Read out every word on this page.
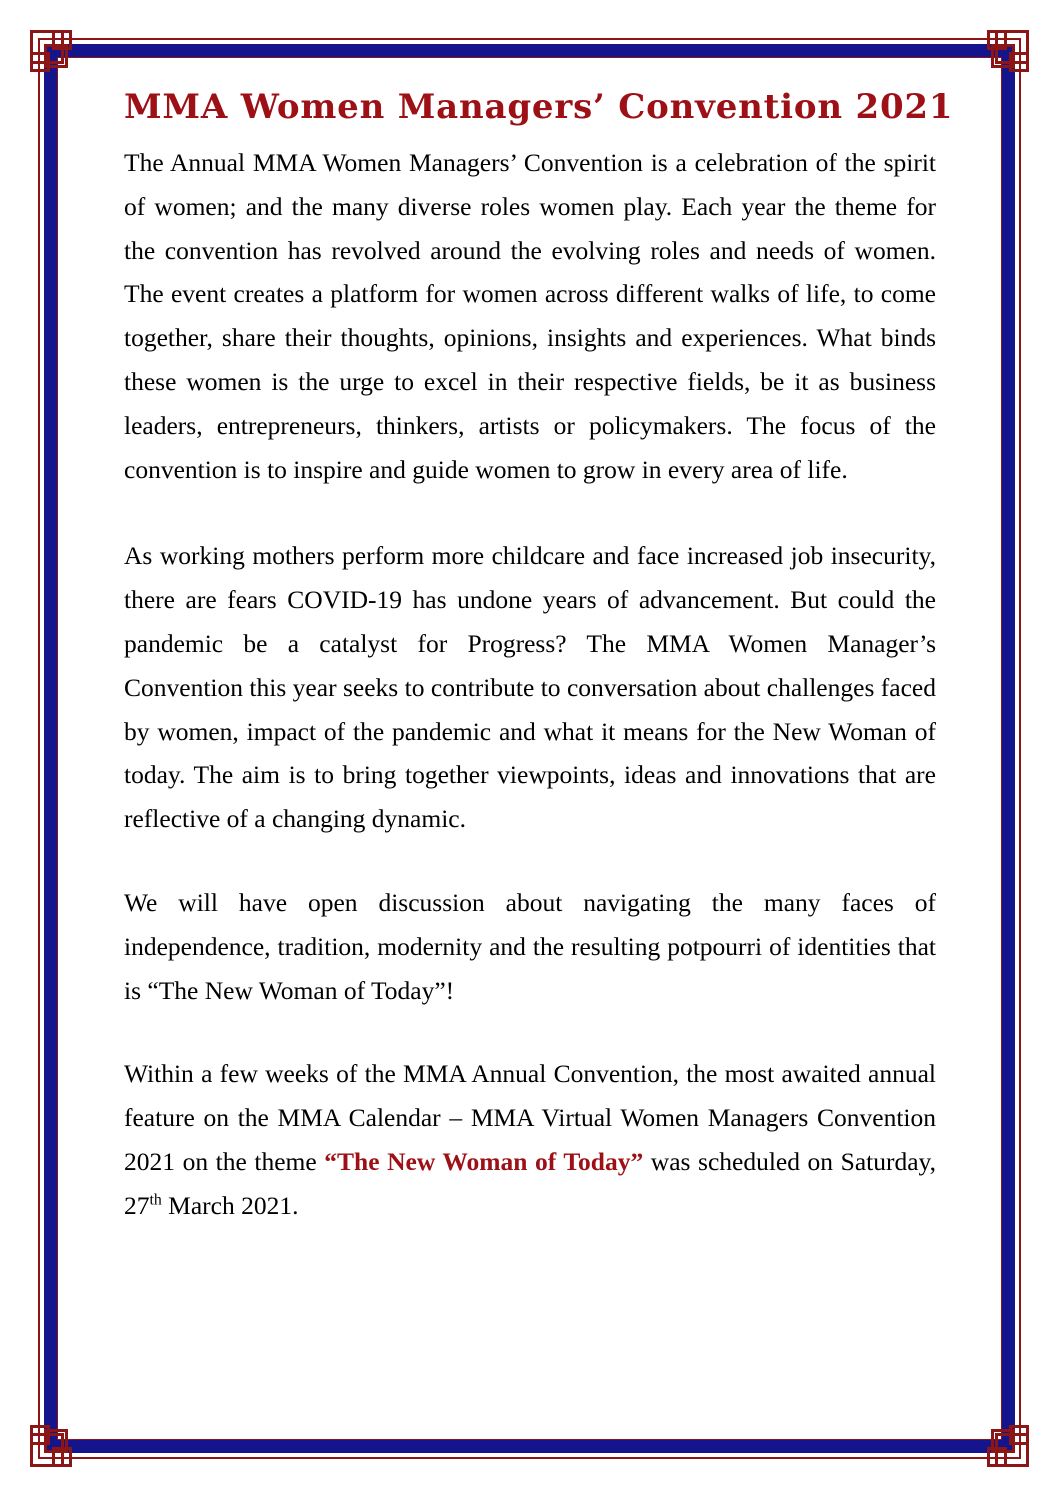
MMA Women Managers’ Convention 2021

The Annual MMA Women Managers’ Convention is a celebration of the spirit of women; and the many diverse roles women play. Each year the theme for the convention has revolved around the evolving roles and needs of women. The event creates a platform for women across different walks of life, to come together, share their thoughts, opinions, insights and experiences. What binds these women is the urge to excel in their respective fields, be it as business leaders, entrepreneurs, thinkers, artists or policymakers. The focus of the convention is to inspire and guide women to grow in every area of life.

As working mothers perform more childcare and face increased job insecurity, there are fears COVID-19 has undone years of advancement. But could the pandemic be a catalyst for Progress? The MMA Women Manager’s Convention this year seeks to contribute to conversation about challenges faced by women, impact of the pandemic and what it means for the New Woman of today. The aim is to bring together viewpoints, ideas and innovations that are reflective of a changing dynamic.

We will have open discussion about navigating the many faces of independence, tradition, modernity and the resulting potpourri of identities that is “The New Woman of Today”!

Within a few weeks of the MMA Annual Convention, the most awaited annual feature on the MMA Calendar – MMA Virtual Women Managers Convention 2021 on the theme “The New Woman of Today” was scheduled on Saturday, 27th March 2021.
